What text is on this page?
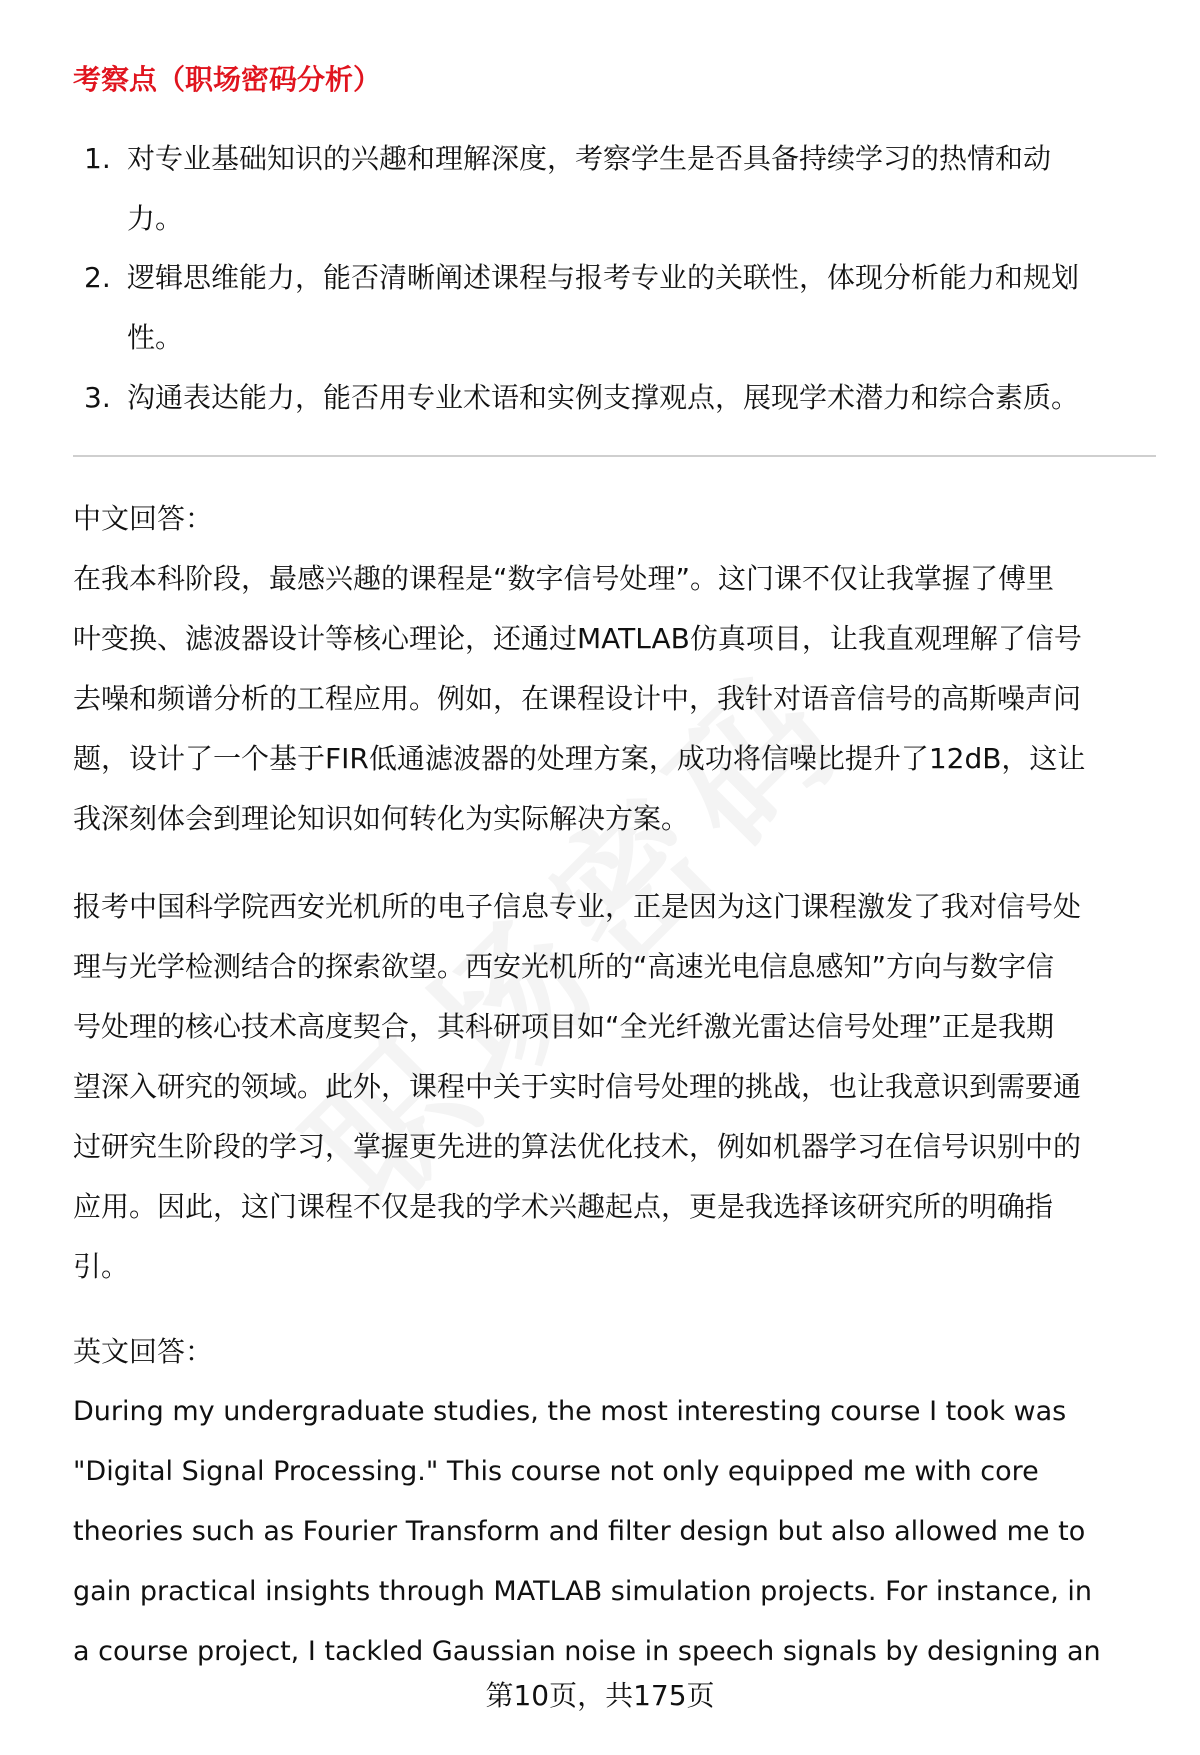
考察点（职场密码分析）
1. 对专业基础知识的兴趣和理解深度，考察学生是否具备持续学习的热情和动
力。
2. 逻辑思维能力，能否清晰阐述课程与报考专业的关联性，体现分析能力和规划
性。
3. 沟通表达能力，能否用专业术语和实例支撑观点，展现学术潜力和综合素质。
中文回答：
在我本科阶段，最感兴趣的课程是“数字信号处理”。这门课不仅让我掌握了傅里
叶变换、滤波器设计等核心理论，还通过MATLAB仿真项目，让我直观理解了信号
去噪和频谱分析的工程应用。例如，在课程设计中，我针对语音信号的高斯噪声问
题，设计了一个基于FIR低通滤波器的处理方案，成功将信噪比提升了12dB，这让
我深刻体会到理论知识如何转化为实际解决方案。
报考中国科学院西安光机所的电子信息专业，正是因为这门课程激发了我对信号处
理与光学检测结合的探索欲望。西安光机所的“高速光电信息感知”方向与数字信
号处理的核心技术高度契合，其科研项目如“全光纤激光雷达信号处理”正是我期
望深入研究的领域。此外，课程中关于实时信号处理的挑战，也让我意识到需要通
过研究生阶段的学习，掌握更先进的算法优化技术，例如机器学习在信号识别中的
应用。因此，这门课程不仅是我的学术兴趣起点，更是我选择该研究所的明确指
引。
英文回答：
During my undergraduate studies, the most interesting course I took was
"Digital Signal Processing." This course not only equipped me with core
theories such as Fourier Transform and filter design but also allowed me to
gain practical insights through MATLAB simulation projects. For instance, in
a course project, I tackled Gaussian noise in speech signals by designing an
第10页，共175页
